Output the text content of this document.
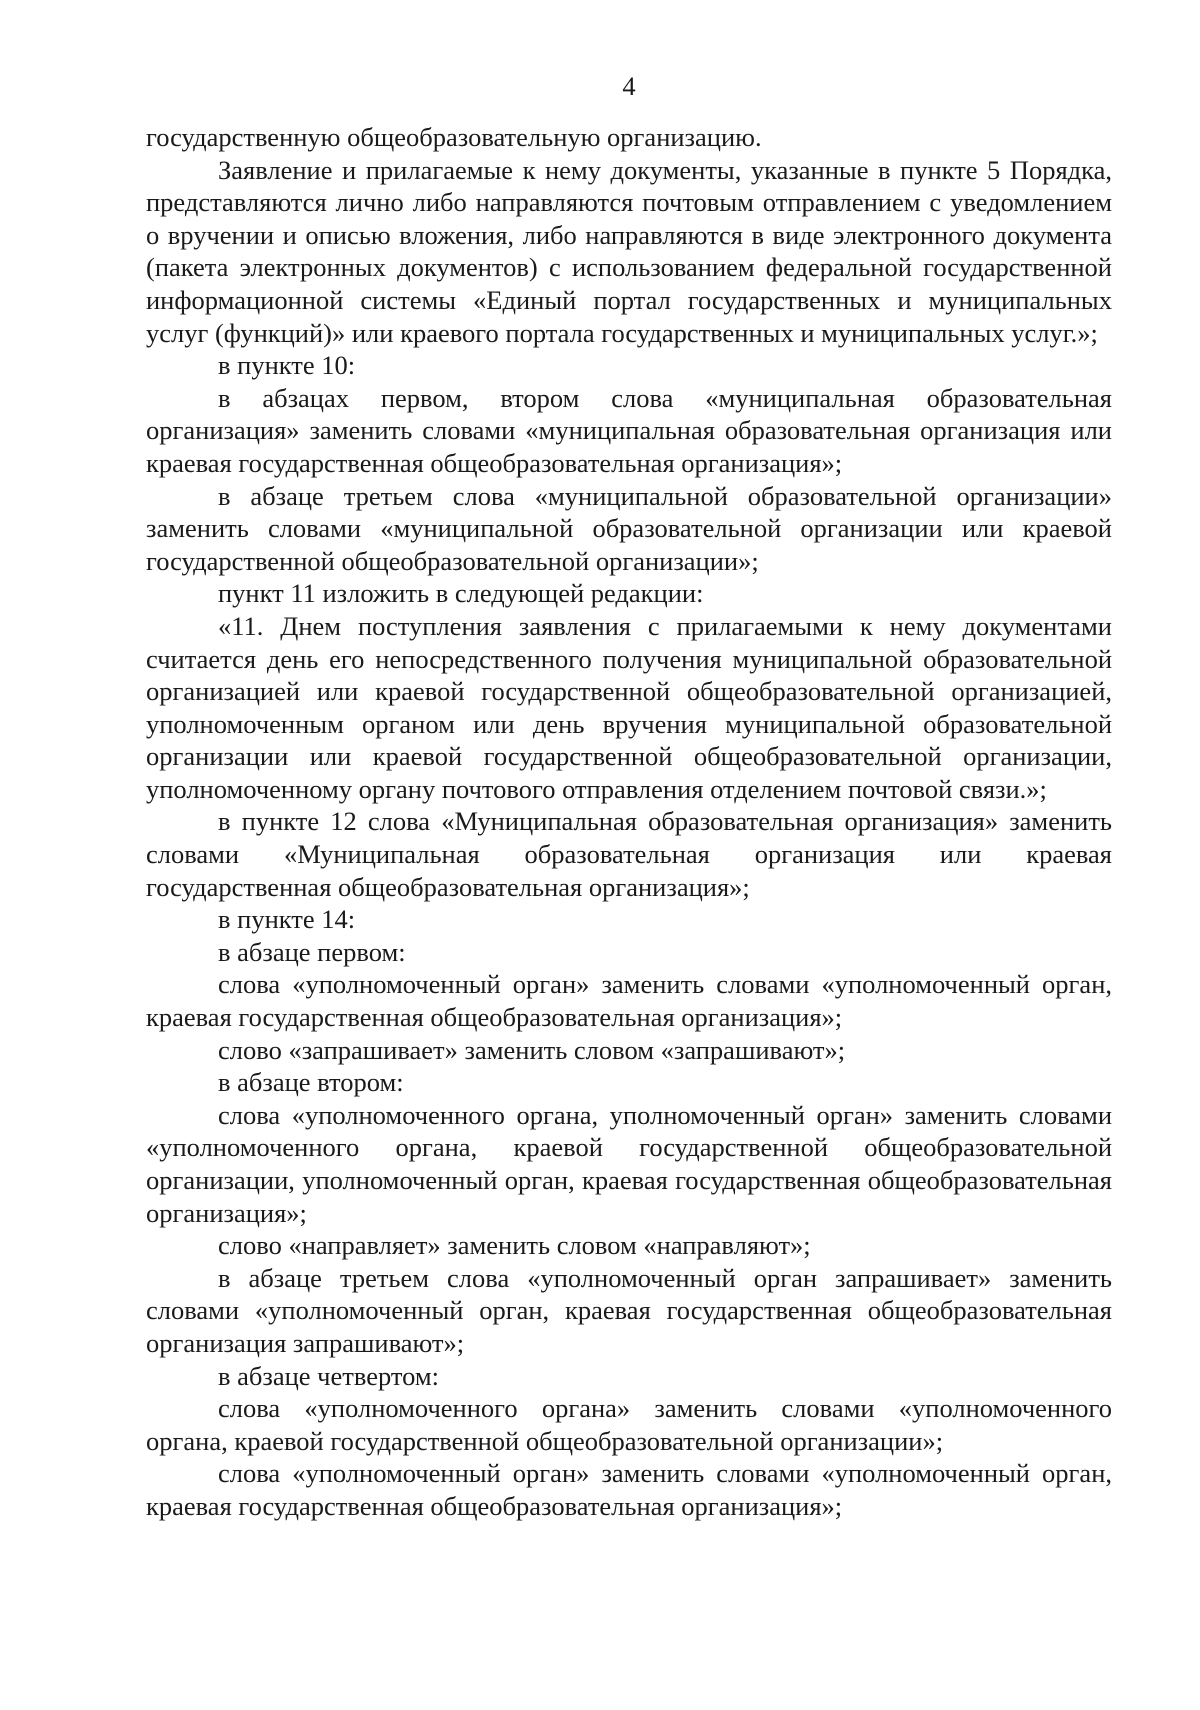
4

государственную общеобразовательную организацию.

Заявление и прилагаемые к нему документы, указанные в пункте 5 Порядка, представляются лично либо направляются почтовым отправлением с уведомлением о вручении и описью вложения, либо направляются в виде электронного документа (пакета электронных документов) с использованием федеральной государственной информационной системы «Единый портал государственных и муниципальных услуг (функций)» или краевого портала государственных и муниципальных услуг.»;

в пункте 10:

в абзацах первом, втором слова «муниципальная образовательная организация» заменить словами «муниципальная образовательная организация или краевая государственная общеобразовательная организация»;

в абзаце третьем слова «муниципальной образовательной организации» заменить словами «муниципальной образовательной организации или краевой государственной общеобразовательной организации»;

пункт 11 изложить в следующей редакции:

«11. Днем поступления заявления с прилагаемыми к нему документами считается день его непосредственного получения муниципальной образовательной организацией или краевой государственной общеобразовательной организацией, уполномоченным органом или день вручения муниципальной образовательной организации или краевой государственной общеобразовательной организации, уполномоченному органу почтового отправления отделением почтовой связи.»;

в пункте 12 слова «Муниципальная образовательная организация» заменить словами «Муниципальная образовательная организация или краевая государственная общеобразовательная организация»;

в пункте 14:

в абзаце первом:

слова «уполномоченный орган» заменить словами «уполномоченный орган, краевая государственная общеобразовательная организация»;

слово «запрашивает» заменить словом «запрашивают»;

в абзаце втором:

слова «уполномоченного органа, уполномоченный орган» заменить словами «уполномоченного органа, краевой государственной общеобразовательной организации, уполномоченный орган, краевая государственная общеобразовательная организация»;

слово «направляет» заменить словом «направляют»;

в абзаце третьем слова «уполномоченный орган запрашивает» заменить словами «уполномоченный орган, краевая государственная общеобразовательная организация запрашивают»;

в абзаце четвертом:

слова «уполномоченного органа» заменить словами «уполномоченного органа, краевой государственной общеобразовательной организации»;

слова «уполномоченный орган» заменить словами «уполномоченный орган, краевая государственная общеобразовательная организация»;
